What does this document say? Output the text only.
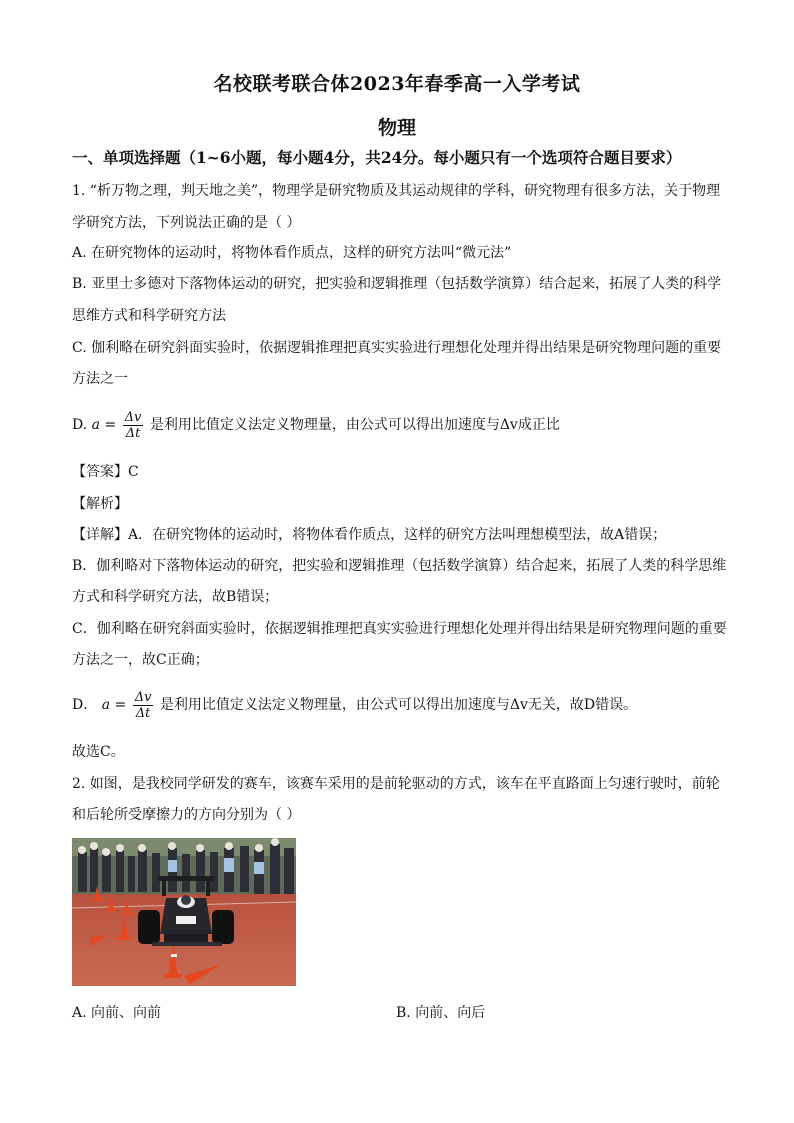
名校联考联合体2023年春季高一入学考试
物理
一、单项选择题（1~6小题，每小题4分，共24分。每小题只有一个选项符合题目要求）
1. “析万物之理，判天地之美”，物理学是研究物质及其运动规律的学科，研究物理有很多方法，关于物理
学研究方法，下列说法正确的是（ ）
A. 在研究物体的运动时，将物体看作质点，这样的研究方法叫“微元法”
B. 亚里士多德对下落物体运动的研究，把实验和逻辑推理（包括数学演算）结合起来，拓展了人类的科学
思维方式和科学研究方法
C. 伽利略在研究斜面实验时，依据逻辑推理把真实实验进行理想化处理并得出结果是研究物理问题的重要
方法之一
D. $a = \frac{\Delta v}{\Delta t}$ 是利用比值定义法定义物理量，由公式可以得出加速度与Δv成正比
【答案】C
【解析】
【详解】A．在研究物体的运动时，将物体看作质点，这样的研究方法叫理想模型法，故A错误；
B．伽利略对下落物体运动的研究，把实验和逻辑推理（包括数学演算）结合起来，拓展了人类的科学思维
方式和科学研究方法，故B错误；
C．伽利略在研究斜面实验时，依据逻辑推理把真实实验进行理想化处理并得出结果是研究物理问题的重要
方法之一，故C正确；
D． $a = \frac{\Delta v}{\Delta t}$ 是利用比值定义法定义物理量，由公式可以得出加速度与Δv无关，故D错误。
故选C。
2. 如图，是我校同学研发的赛车，该赛车采用的是前轮驱动的方式，该车在平直路面上匀速行驶时，前轮
和后轮所受摩擦力的方向分别为（ ）
A. 向前、向前	B. 向前、向后
